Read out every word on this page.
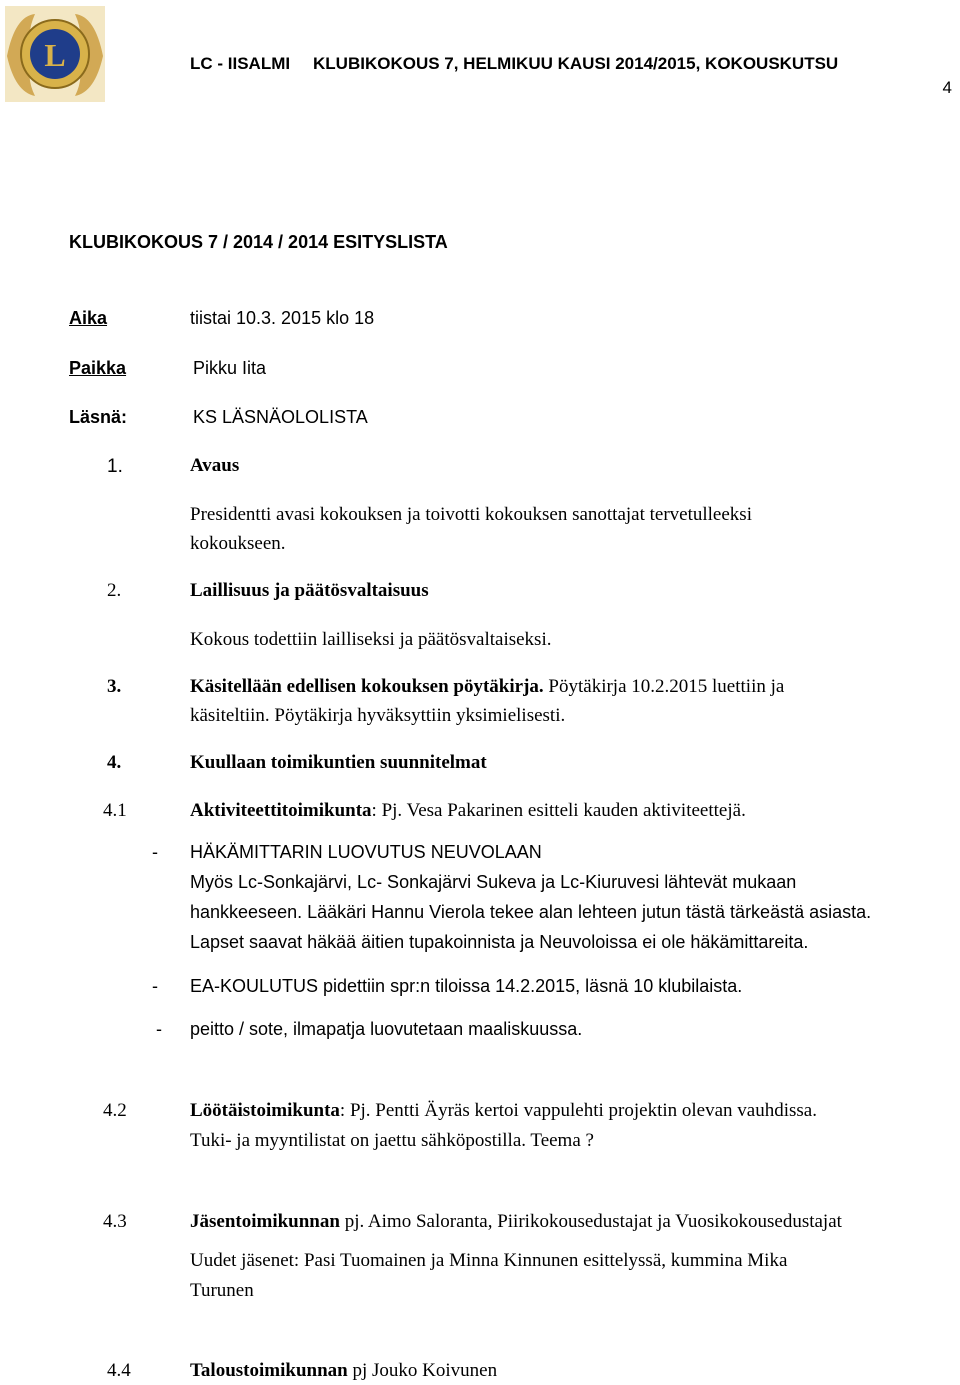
L	LC - IISALMI KLUBIKOKOUS 7, HELMIKUU KAUSI 2014/2015, KOKOUSKUTSU
4
KLUBIKOKOUS 7 / 2014 / 2014 ESITYSLISTA
Aika	tiistai 10.3. 2015 klo 18
Paikka	Pikku Iita
Läsnä:	KS LÄSNÄOLOLISTA
1.	Avaus
Presidentti avasi kokouksen ja toivotti kokouksen sanottajat tervetulleeksi
kokoukseen.
2.	Laillisuus ja päätösvaltaisuus
Kokous todettiin lailliseksi ja päätösvaltaiseksi.
3.	Käsitellään edellisen kokouksen pöytäkirja. Pöytäkirja 10.2.2015 luettiin ja
käsiteltiin. Pöytäkirja hyväksyttiin yksimielisesti.
4.	Kuullaan toimikuntien suunnitelmat
4.1	Aktiviteettitoimikunta: Pj. Vesa Pakarinen esitteli kauden aktiviteettejä.
- HÄKÄMITTARIN LUOVUTUS NEUVOLAAN
Myös Lc-Sonkajärvi, Lc- Sonkajärvi Sukeva ja Lc-Kiuruvesi lähtevät mukaan
hankkeeseen. Lääkäri Hannu Vierola tekee alan lehteen jutun tästä tärkeästä asiasta.
Lapset saavat häkää äitien tupakoinnista ja Neuvoloissa ei ole häkämittareita.
- EA-KOULUTUS pidettiin spr:n tiloissa 14.2.2015, läsnä 10 klubilaista.
- peitto / sote, ilmapatja luovutetaan maaliskuussa.
4.2	Löötäistoimikunta: Pj. Pentti Äyräs kertoi vappulehti projektin olevan vauhdissa.
Tuki- ja myyntilistat on jaettu sähköpostilla. Teema ?
4.3	Jäsentoimikunnan pj. Aimo Saloranta, Piirikokousedustajat ja Vuosikokousedustajat
Uudet jäsenet: Pasi Tuomainen ja Minna Kinnunen esittelyssä, kummina Mika
Turunen
4.4	Taloustoimikunnan pj Jouko Koivunen
